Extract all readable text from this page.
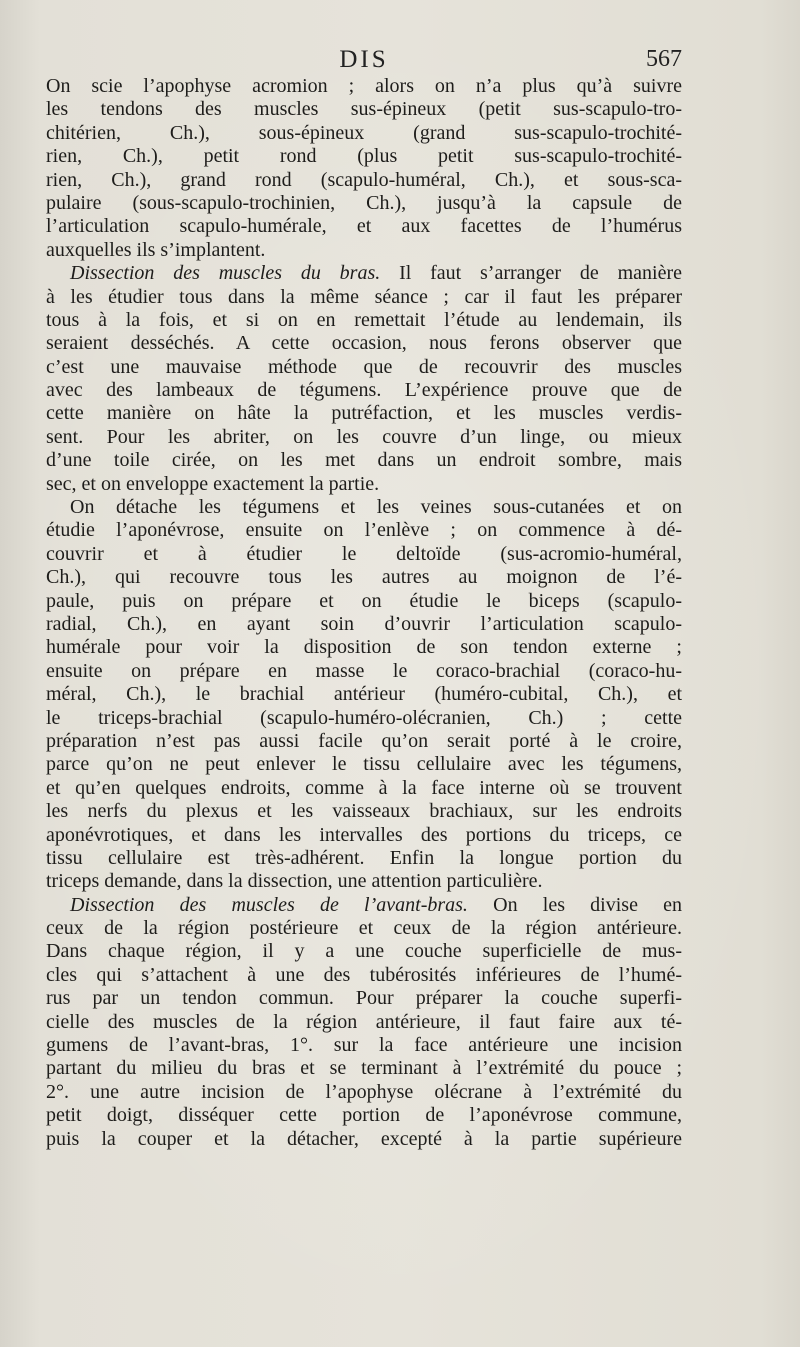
DIS	567
On scie l’apophyse acromion ; alors on n’a plus qu’à suivre
les tendons des muscles sus-épineux (petit sus-scapulo-tro-
chitérien, Ch.), sous-épineux (grand sus-scapulo-trochité-
rien, Ch.), petit rond (plus petit sus-scapulo-trochité-
rien, Ch.), grand rond (scapulo-huméral, Ch.), et sous-sca-
pulaire (sous-scapulo-trochinien, Ch.), jusqu’à la capsule de
l’articulation scapulo-humérale, et aux facettes de l’humérus
auxquelles ils s’implantent.
Dissection des muscles du bras. Il faut s’arranger de manière
à les étudier tous dans la même séance ; car il faut les préparer
tous à la fois, et si on en remettait l’étude au lendemain, ils
seraient desséchés. A cette occasion, nous ferons observer que
c’est une mauvaise méthode que de recouvrir des muscles
avec des lambeaux de tégumens. L’expérience prouve que de
cette manière on hâte la putréfaction, et les muscles verdis-
sent. Pour les abriter, on les couvre d’un linge, ou mieux
d’une toile cirée, on les met dans un endroit sombre, mais
sec, et on enveloppe exactement la partie.
On détache les tégumens et les veines sous-cutanées et on
étudie l’aponévrose, ensuite on l’enlève ; on commence à dé-
couvrir et à étudier le deltoïde (sus-acromio-huméral,
Ch.), qui recouvre tous les autres au moignon de l’é-
paule, puis on prépare et on étudie le biceps (scapulo-
radial, Ch.), en ayant soin d’ouvrir l’articulation scapulo-
humérale pour voir la disposition de son tendon externe ;
ensuite on prépare en masse le coraco-brachial (coraco-hu-
méral, Ch.), le brachial antérieur (huméro-cubital, Ch.), et
le triceps-brachial (scapulo-huméro-olécranien, Ch.) ; cette
préparation n’est pas aussi facile qu’on serait porté à le croire,
parce qu’on ne peut enlever le tissu cellulaire avec les tégumens,
et qu’en quelques endroits, comme à la face interne où se trouvent
les nerfs du plexus et les vaisseaux brachiaux, sur les endroits
aponévrotiques, et dans les intervalles des portions du triceps, ce
tissu cellulaire est très-adhérent. Enfin la longue portion du
triceps demande, dans la dissection, une attention particulière.
Dissection des muscles de l’avant-bras. On les divise en
ceux de la région postérieure et ceux de la région antérieure.
Dans chaque région, il y a une couche superficielle de mus-
cles qui s’attachent à une des tubérosités inférieures de l’humé-
rus par un tendon commun. Pour préparer la couche superfi-
cielle des muscles de la région antérieure, il faut faire aux té-
gumens de l’avant-bras, 1°. sur la face antérieure une incision
partant du milieu du bras et se terminant à l’extrémité du pouce ;
2°. une autre incision de l’apophyse olécrane à l’extrémité du
petit doigt, disséquer cette portion de l’aponévrose commune,
puis la couper et la détacher, excepté à la partie supérieure
